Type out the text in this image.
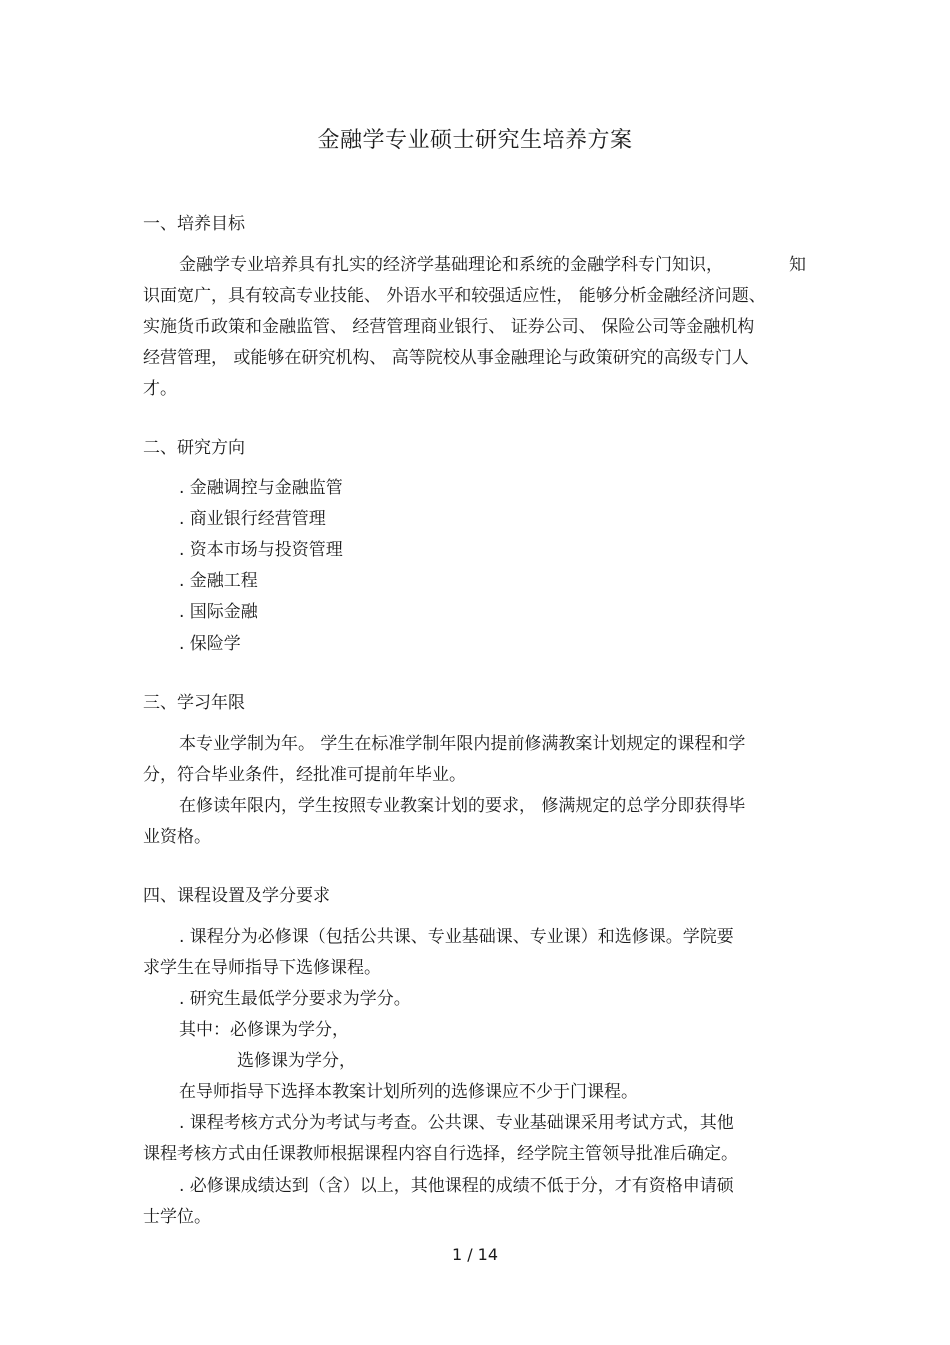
金融学专业硕士研究生培养方案
一、培养目标
金融学专业培养具有扎实的经济学基础理论和系统的金融学科专门知识，	知
识面宽广，具有较高专业技能、 外语水平和较强适应性， 能够分析金融经济问题、
实施货币政策和金融监管、 经营管理商业银行、 证券公司、 保险公司等金融机构
经营管理， 或能够在研究机构、 高等院校从事金融理论与政策研究的高级专门人
才。
二、研究方向
. 金融调控与金融监管
. 商业银行经营管理
. 资本市场与投资管理
. 金融工程
. 国际金融
. 保险学
三、学习年限
本专业学制为年。 学生在标准学制年限内提前修满教案计划规定的课程和学
分，符合毕业条件，经批准可提前年毕业。
在修读年限内，学生按照专业教案计划的要求， 修满规定的总学分即获得毕
业资格。
四、课程设置及学分要求
. 课程分为必修课（包括公共课、专业基础课、专业课）和选修课。学院要
求学生在导师指导下选修课程。
. 研究生最低学分要求为学分。
其中：必修课为学分，
选修课为学分，
在导师指导下选择本教案计划所列的选修课应不少于门课程。
. 课程考核方式分为考试与考查。公共课、专业基础课采用考试方式，其他
课程考核方式由任课教师根据课程内容自行选择，经学院主管领导批准后确定。
. 必修课成绩达到（含）以上，其他课程的成绩不低于分，才有资格申请硕
士学位。
1 / 14
